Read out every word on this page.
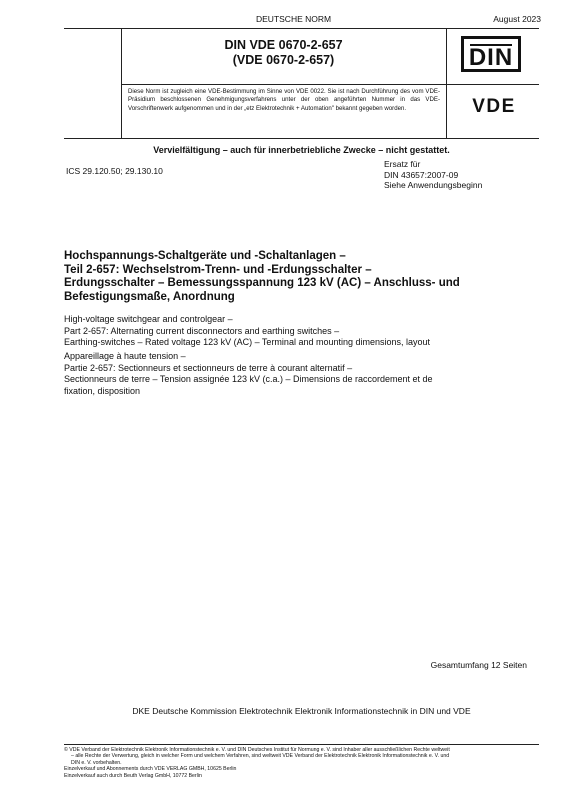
DEUTSCHE NORM	August 2023
DIN VDE 0670-2-657
(VDE 0670-2-657)	DIN
Diese Norm ist zugleich eine VDE-Bestimmung im Sinne von VDE 0022. Sie ist nach Durchführung des vom VDE-Präsidium beschlossenen Genehmigungsverfahrens unter der oben angeführten Nummer in das VDE-Vorschriftenwerk aufgenommen und in der „etz Elektrotechnik + Automation" bekannt gegeben worden.	VDE
Vervielfältigung – auch für innerbetriebliche Zwecke – nicht gestattet.
ICS 29.120.50; 29.130.10
Ersatz für
DIN 43657:2007-09
Siehe Anwendungsbeginn
Hochspannungs-Schaltgeräte und -Schaltanlagen –
Teil 2-657: Wechselstrom-Trenn- und -Erdungsschalter –
Erdungsschalter – Bemessungsspannung 123 kV (AC) – Anschluss- und
Befestigungsmaße, Anordnung
High-voltage switchgear and controlgear –
Part 2-657: Alternating current disconnectors and earthing switches –
Earthing-switches – Rated voltage 123 kV (AC) – Terminal and mounting dimensions, layout
Appareillage à haute tension –
Partie 2-657: Sectionneurs et sectionneurs de terre à courant alternatif –
Sectionneurs de terre – Tension assignée 123 kV (c.a.) – Dimensions de raccordement et de
fixation, disposition
Gesamtumfang 12 Seiten
DKE Deutsche Kommission Elektrotechnik Elektronik Informationstechnik in DIN und VDE
© VDE Verband der Elektrotechnik Elektronik Informationstechnik e. V. und DIN Deutsches Institut für Normung e. V. sind Inhaber aller ausschließlichen Rechte weltweit
– alle Rechte der Verwertung, gleich in welcher Form und welchem Verfahren, sind weltweit VDE Verband der Elektrotechnik Elektronik Informationstechnik e. V. und
DIN e. V. vorbehalten.
Einzelverkauf und Abonnements durch VDE VERLAG GMBH, 10625 Berlin
Einzelverkauf auch durch Beuth Verlag GmbH, 10772 Berlin
